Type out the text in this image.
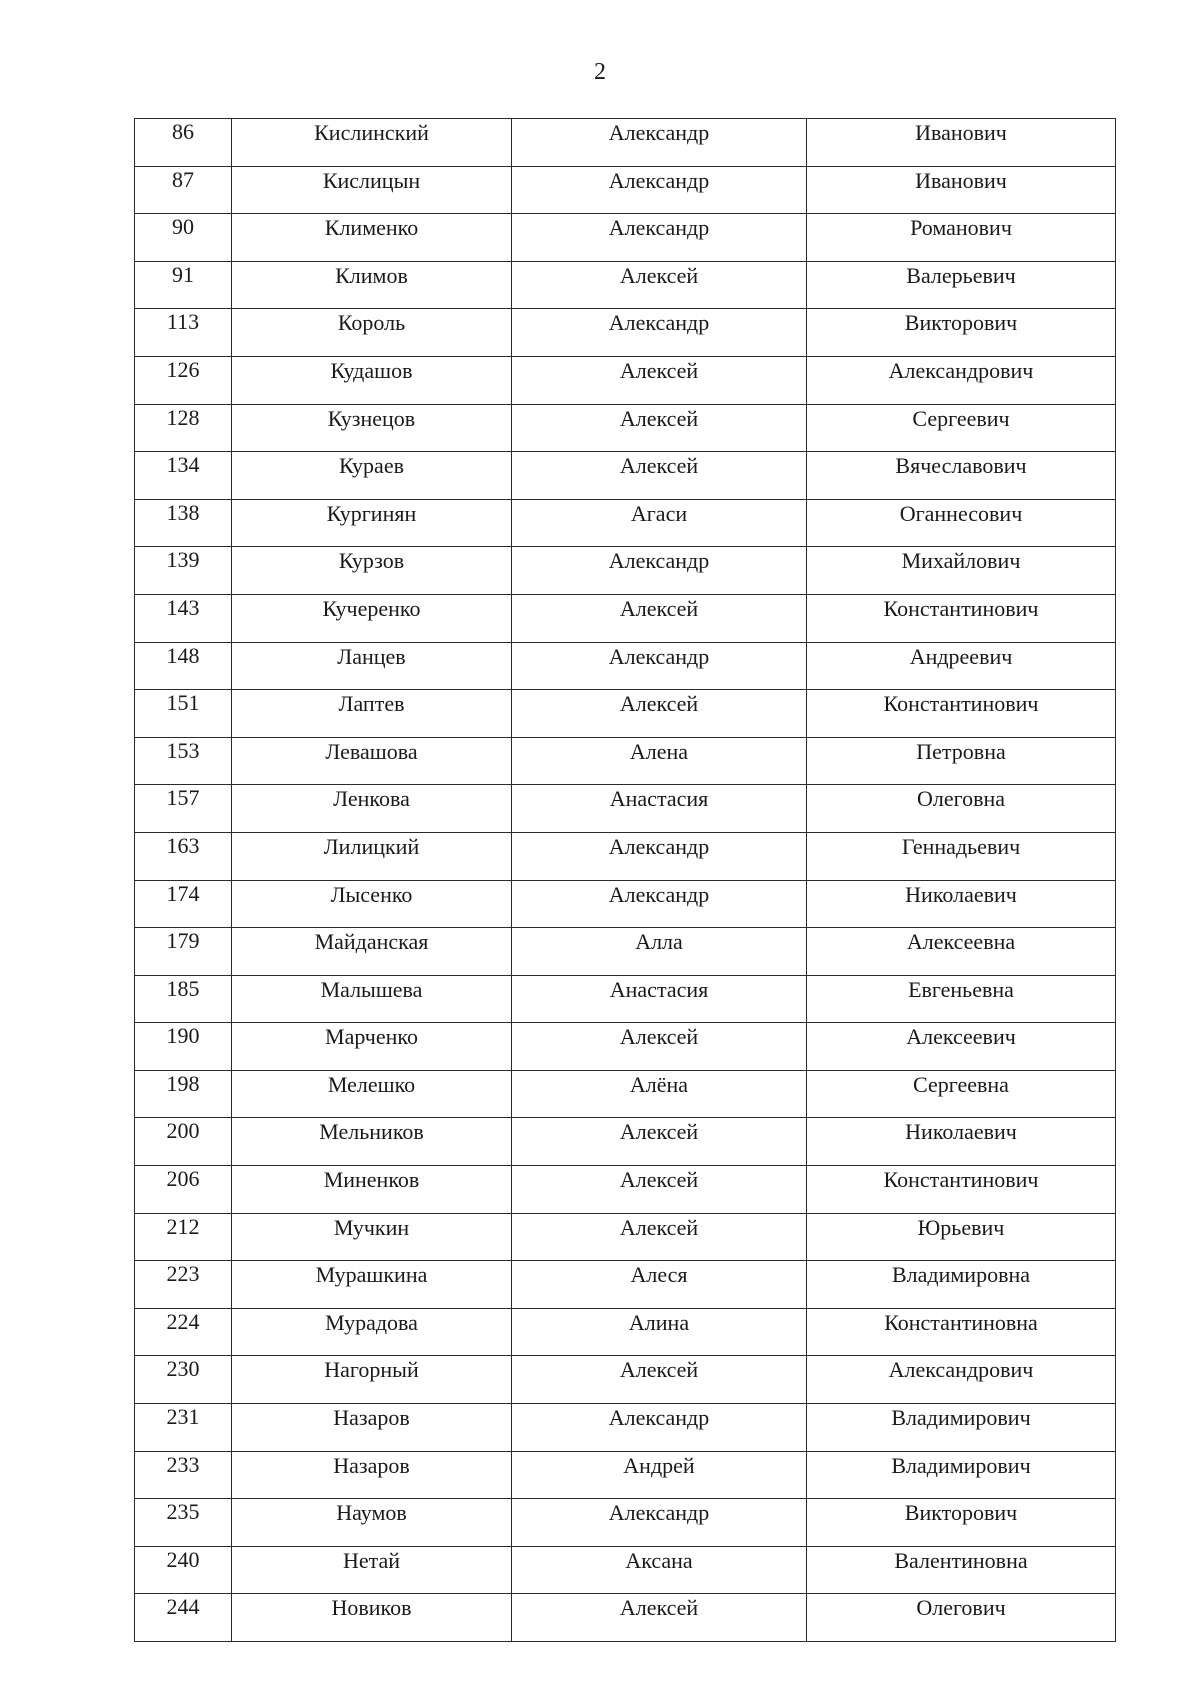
2
86	Кислинский	Александр	Иванович
87	Кислицын	Александр	Иванович
90	Клименко	Александр	Романович
91	Климов	Алексей	Валерьевич
113	Король	Александр	Викторович
126	Кудашов	Алексей	Александрович
128	Кузнецов	Алексей	Сергеевич
134	Кураев	Алексей	Вячеславович
138	Кургинян	Агаси	Оганнесович
139	Курзов	Александр	Михайлович
143	Кучеренко	Алексей	Константинович
148	Ланцев	Александр	Андреевич
151	Лаптев	Алексей	Константинович
153	Левашова	Алена	Петровна
157	Ленкова	Анастасия	Олеговна
163	Лилицкий	Александр	Геннадьевич
174	Лысенко	Александр	Николаевич
179	Майданская	Алла	Алексеевна
185	Малышева	Анастасия	Евгеньевна
190	Марченко	Алексей	Алексеевич
198	Мелешко	Алёна	Сергеевна
200	Мельников	Алексей	Николаевич
206	Миненков	Алексей	Константинович
212	Мучкин	Алексей	Юрьевич
223	Мурашкина	Алеся	Владимировна
224	Мурадова	Алина	Константиновна
230	Нагорный	Алексей	Александрович
231	Назаров	Александр	Владимирович
233	Назаров	Андрей	Владимирович
235	Наумов	Александр	Викторович
240	Нетай	Аксана	Валентиновна
244	Новиков	Алексей	Олегович
